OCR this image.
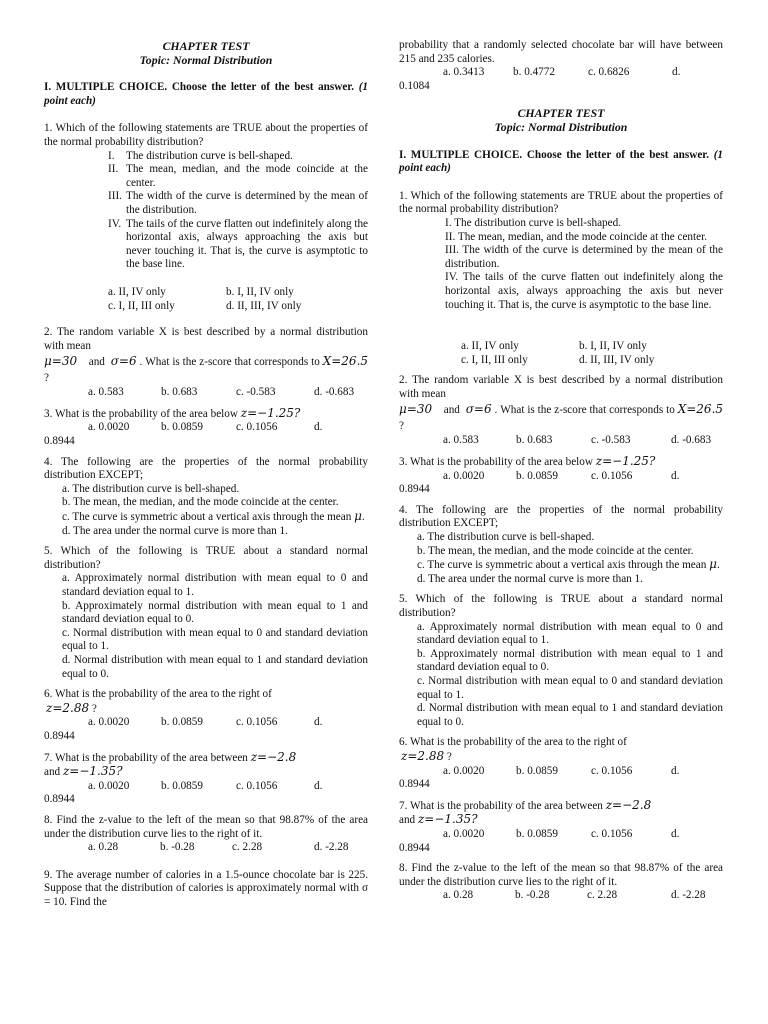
CHAPTER TEST
Topic: Normal Distribution
I. MULTIPLE CHOICE. Choose the letter of the best answer. (1 point each)

1. Which of the following statements are TRUE about the properties of the normal probability distribution?

I.	The distribution curve is bell-shaped.
II. The mean, median, and the mode coincide at the center.
III. The width of the curve is determined by the mean of the distribution.
IV. The tails of the curve flatten out indefinitely along the horizontal axis, always approaching the axis but never touching it. That is, the curve is asymptotic to the base line.
a. II, IV only	b. I, II, IV only
c. I, II, III only	d. II, III, IV only

2. The random variable X is best described by a normal distribution with mean

μ=30 and σ=6 . What is the z-score that corresponds to X=26.5 ?

a. 0.583	b. 0.683	c. -0.583	d. -0.683

3. What is the probability of the area below z=−1.25?

a. 0.0020	b. 0.0859	c. 0.1056	d.
0.8944

4. The following are the properties of the normal probability distribution EXCEPT;

a. The distribution curve is bell-shaped.

b. The mean, the median, and the mode coincide at the center.

c. The curve is symmetric about a vertical axis through the mean μ.

d. The area under the normal curve is more than 1.

5. Which of the following is TRUE about a standard normal distribution?

a. Approximately normal distribution with mean equal to 0 and standard deviation equal to 1.

b. Approximately normal distribution with mean equal to 1 and standard deviation equal to 0.

c. Normal distribution with mean equal to 0 and standard deviation equal to 1.

d. Normal distribution with mean equal to 1 and standard deviation equal to 0.

6. What is the probability of the area to the right of

z=2.88 ?

a. 0.0020	b. 0.0859	c. 0.1056	d.
0.8944

7. What is the probability of the area between z=−2.8

and z=−1.35?

a. 0.0020	b. 0.0859	c. 0.1056	d.
0.8944

8. Find the z-value to the left of the mean so that 98.87% of the area under the distribution curve lies to the right of it.

a. 0.28	b. -0.28	c. 2.28	d. -2.28

9. The average number of calories in a 1.5-ounce chocolate bar is 225. Suppose that the distribution of calories is approximately normal with σ = 10. Find the

probability that a randomly selected chocolate bar will have between 215 and 235 calories.

a. 0.3413	b. 0.4772	c. 0.6826	d.
0.1084
CHAPTER TEST
Topic: Normal Distribution
I. MULTIPLE CHOICE. Choose the letter of the best answer. (1 point each)

1. Which of the following statements are TRUE about the properties of the normal probability distribution?

I. The distribution curve is bell-shaped.

II. The mean, median, and the mode coincide at the center.

III. The width of the curve is determined by the mean of the distribution.

IV. The tails of the curve flatten out indefinitely along the horizontal axis, always approaching the axis but never touching it. That is, the curve is asymptotic to the base line.

a. II, IV only	b. I, II, IV only
c. I, II, III only	d. II, III, IV only

2. The random variable X is best described by a normal distribution with mean

μ=30 and σ=6 . What is the z-score that corresponds to X=26.5 ?

a. 0.583	b. 0.683	c. -0.583	d. -0.683

3. What is the probability of the area below z=−1.25?

a. 0.0020	b. 0.0859	c. 0.1056	d.
0.8944

4. The following are the properties of the normal probability distribution EXCEPT;

a. The distribution curve is bell-shaped.

b. The mean, the median, and the mode coincide at the center.

c. The curve is symmetric about a vertical axis through the mean μ.

d. The area under the normal curve is more than 1.

5. Which of the following is TRUE about a standard normal distribution?

a. Approximately normal distribution with mean equal to 0 and standard deviation equal to 1.

b. Approximately normal distribution with mean equal to 1 and standard deviation equal to 0.

c. Normal distribution with mean equal to 0 and standard deviation equal to 1.

d. Normal distribution with mean equal to 1 and standard deviation equal to 0.

6. What is the probability of the area to the right of

z=2.88 ?

a. 0.0020	b. 0.0859	c. 0.1056	d.
0.8944

7. What is the probability of the area between z=−2.8

and z=−1.35?

a. 0.0020	b. 0.0859	c. 0.1056	d.
0.8944

8. Find the z-value to the left of the mean so that 98.87% of the area under the distribution curve lies to the right of it.

a. 0.28	b. -0.28	c. 2.28	d. -2.28
